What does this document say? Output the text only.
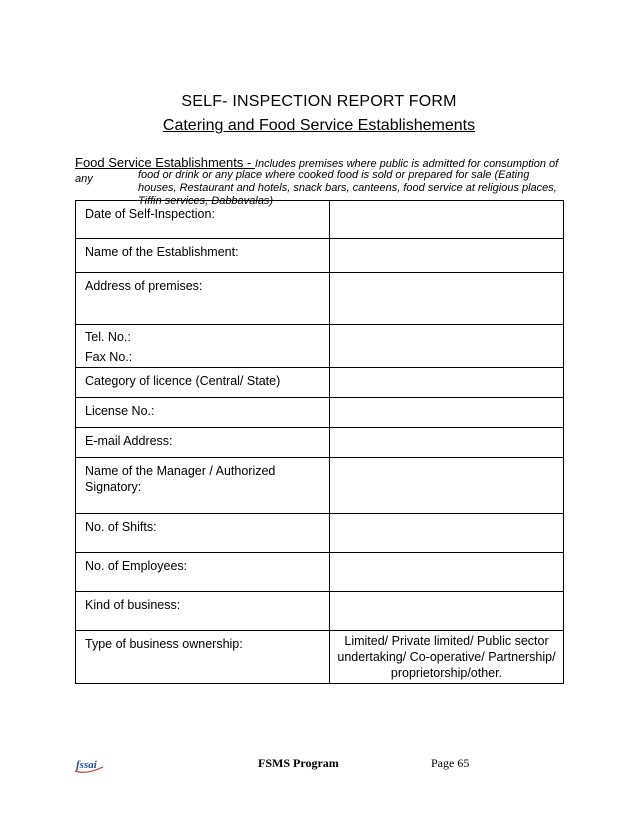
SELF- INSPECTION REPORT FORM
Catering and Food Service Establishements
Food Service Establishments - Includes premises where public is admitted for consumption of any	food or drink or any place where cooked food is sold or prepared for sale (Eating houses, Restaurant and hotels, snack bars, canteens, food service at religious places, Tiffin services, Dabbavalas)
Date of Self-Inspection:	
Name of the Establishment:	
Address of premises:	

Tel. No.:
Fax No.:	

Category of licence (Central/ State)	
License No.:	
E-mail Address:	
Name of the Manager / Authorized Signatory:	
No. of Shifts:	
No. of Employees:	
Kind of business:	
Type of business ownership:	Limited/ Private limited/ Public sector undertaking/ Co-operative/ Partnership/ proprietorship/other.
fssai	FSMS Program	Page 65
